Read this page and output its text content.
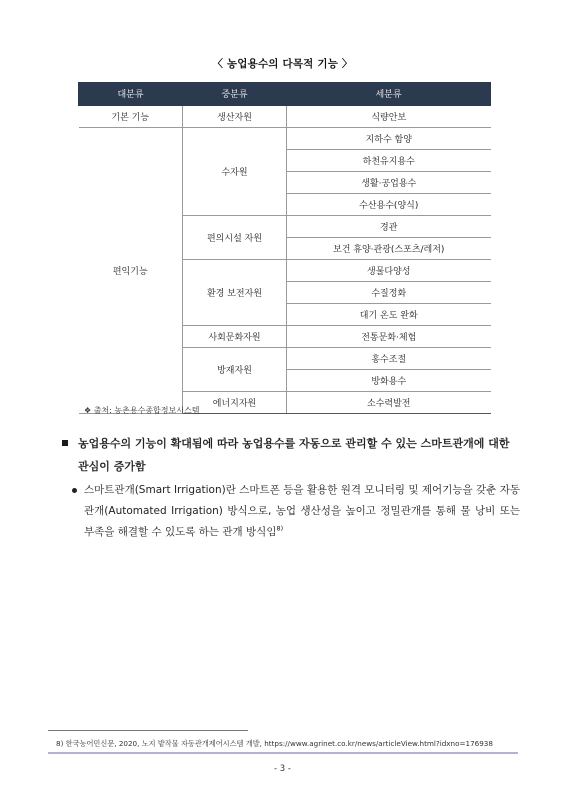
〈 농업용수의 다목적 기능 〉
대분류	중분류	세분류
기본 기능	생산자원	식량안보
편익기능	수자원	지하수 함양
		하천유지용수
		생활·공업용수
		수산용수(양식)
	편의시설 자원	경관
		보건 휴양·관광(스포츠/레저)
	환경 보전자원	생물다양성
		수질정화
		대기 온도 완화
	사회문화자원	전통문화·체험
	방재자원	홍수조절
		방화용수
	에너지자원	소수력발전
❖ 출처: 농촌용수종합정보시스템
농업용수의 기능이 확대됨에 따라 농업용수를 자동으로 관리할 수 있는 스마트관개에 대한 관심이 증가함
스마트관개(Smart Irrigation)란 스마트폰 등을 활용한 원격 모니터링 및 제어기능을 갖춘 자동관개(Automated Irrigation) 방식으로, 농업 생산성을 높이고 정밀관개를 통해 물 낭비 또는 부족을 해결할 수 있도록 하는 관개 방식임$^{8)}$
8) 한국농어민신문, 2020, 노지 밭작물 자동관개제어시스템 개발, https://www.agrinet.co.kr/news/articleView.html?idxno=176938
- 3 -
